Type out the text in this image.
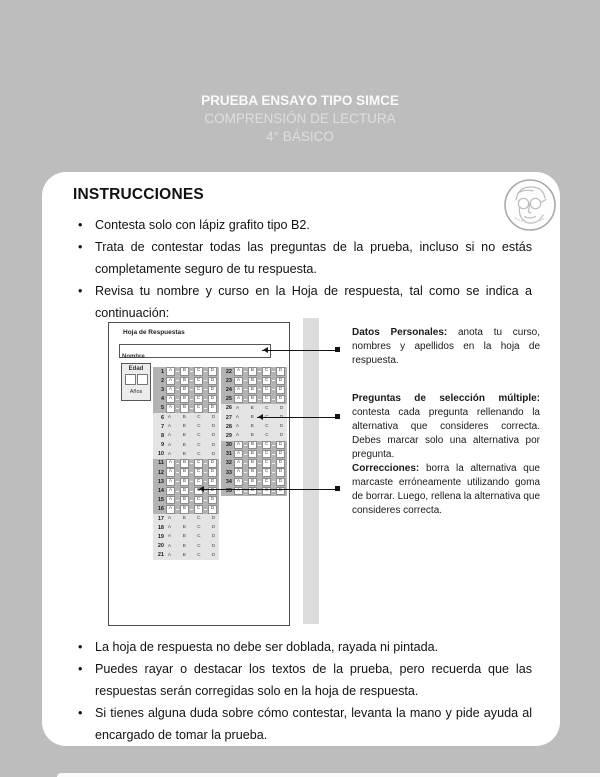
PRUEBA ENSAYO TIPO SIMCE
COMPRENSIÓN DE LECTURA
4° BÁSICO
INSTRUCCIONES
• Contesta solo con lápiz grafito tipo B2.
• Trata de contestar todas las preguntas de la prueba, incluso si no estás completamente seguro de tu respuesta.
• Revisa tu nombre y curso en la Hoja de respuesta, tal como se indica a continuación:
Hoja de Respuestas
Nombre
Edad
Años
1	A	B	C	D
2	A	B	C	D
3	A	B	C	D
4	A	B	C	D
5	A	B	C	D
6 A	B	C	D
7 A	B	C	D
8 A	B	C	D
9 A	B	C	D
10 A	B	C	D
11	A	B	C	D
12	A	B	C	D
13	A	B	C	D
14	A	B	C	D
15	A	B	C	D
16	A	B	C	D
17 A	B	C	D
18 A	B	C	D
19 A	B	C	D
20 A	B	C	D
21 A	B	C	D
22	A	B	C	D
23	A	B	C	D
24	A	B	C	D
25	A	B	C	D
26 A	B	C	D
27 A	B	C	D
28 A	B	C	D
29 A	B	C	D
30	A	B	C	D
31	A	B	C	D
32	A	B	C	D
33	A	B	C	D
34	A	B	C	D
35	A	B	C	D
Datos Personales: anota tu curso, nombres y apellidos en la hoja de respuesta.
Preguntas de selección múltiple: contesta cada pregunta rellenando la alternativa que consideres correcta. Debes marcar solo una alternativa por pregunta.
Correcciones: borra la alternativa que marcaste erróneamente utilizando goma de borrar. Luego, rellena la alternativa que consideres correcta.
• La hoja de respuesta no debe ser doblada, rayada ni pintada.
• Puedes rayar o destacar los textos de la prueba, pero recuerda que las respuestas serán corregidas solo en la hoja de respuesta.
• Si tienes alguna duda sobre cómo contestar, levanta la mano y pide ayuda al encargado de tomar la prueba.
